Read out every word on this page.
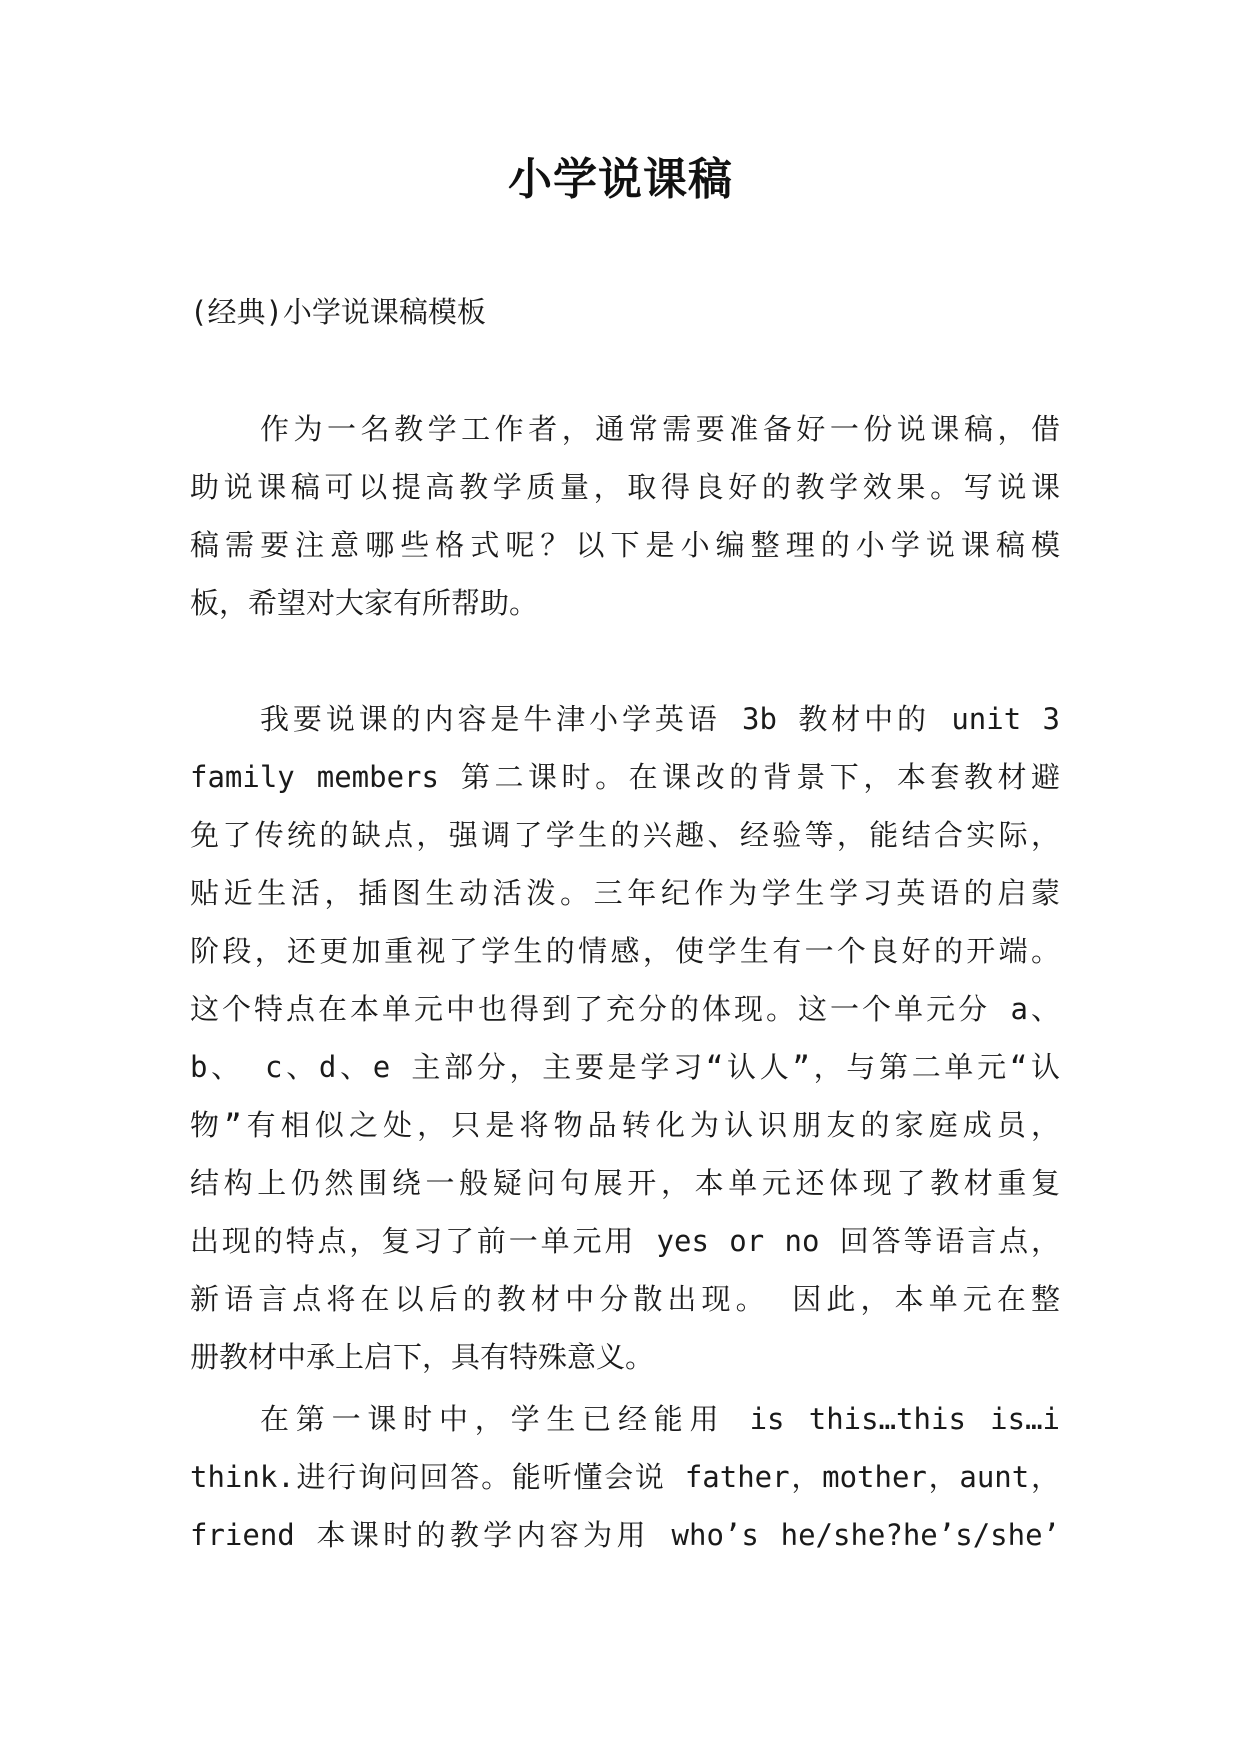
小学说课稿

(经典)小学说课稿模板

作为一名教学工作者，通常需要准备好一份说课稿，借
助说课稿可以提高教学质量，取得良好的教学效果。写说课
稿需要注意哪些格式呢？以下是小编整理的小学说课稿模
板，希望对大家有所帮助。
我要说课的内容是牛津小学英语 3b 教材中的 unit 3
family members 第二课时。在课改的背景下，本套教材避
免了传统的缺点，强调了学生的兴趣、经验等，能结合实际，
贴近生活，插图生动活泼。三年纪作为学生学习英语的启蒙
阶段，还更加重视了学生的情感，使学生有一个良好的开端。
这个特点在本单元中也得到了充分的体现。这一个单元分 a、
b、 c、d、e 主部分，主要是学习“认人”，与第二单元“认
物”有相似之处，只是将物品转化为认识朋友的家庭成员，
结构上仍然围绕一般疑问句展开，本单元还体现了教材重复
出现的特点，复习了前一单元用 yes or no 回答等语言点，
新语言点将在以后的教材中分散出现。 因此，本单元在整
册教材中承上启下，具有特殊意义。
在第一课时中，学生已经能用 is this…this is…i
think.进行询问回答。能听懂会说 father，mother，aunt，
friend 本课时的教学内容为用 who’s he/she?he’s/she’
